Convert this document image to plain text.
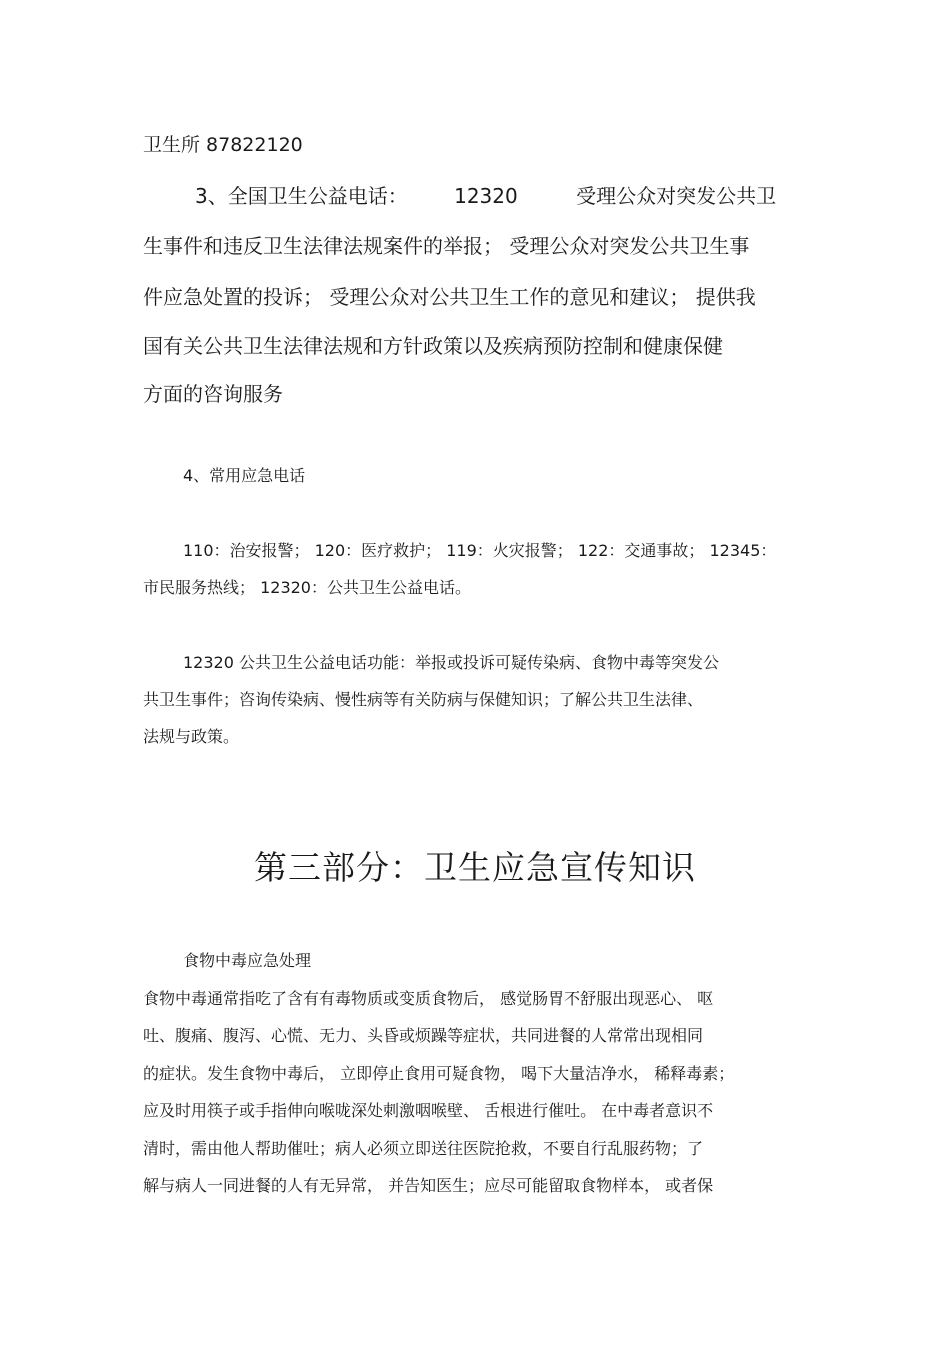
卫生所 87822120

3、全国卫生公益电话： 12320	受理公众对突发公共卫

生事件和违反卫生法律法规案件的举报； 受理公众对突发公共卫生事

件应急处置的投诉； 受理公众对公共卫生工作的意见和建议； 提供我

国有关公共卫生法律法规和方针政策以及疾病预防控制和健康保健

方面的咨询服务

4、常用应急电话

110：治安报警； 120：医疗救护； 119：火灾报警； 122：交通事故； 12345：

市民服务热线； 12320：公共卫生公益电话。

12320 公共卫生公益电话功能：举报或投诉可疑传染病、食物中毒等突发公

共卫生事件；咨询传染病、慢性病等有关防病与保健知识；了解公共卫生法律、

法规与政策。

第三部分：卫生应急宣传知识

食物中毒应急处理

食物中毒通常指吃了含有有毒物质或变质食物后， 感觉肠胃不舒服出现恶心、 呕

吐、腹痛、腹泻、心慌、无力、头昏或烦躁等症状，共同进餐的人常常出现相同

的症状。发生食物中毒后， 立即停止食用可疑食物， 喝下大量洁净水， 稀释毒素；

应及时用筷子或手指伸向喉咙深处刺激咽喉壁、 舌根进行催吐。 在中毒者意识不

清时，需由他人帮助催吐；病人必须立即送往医院抢救，不要自行乱服药物；了

解与病人一同进餐的人有无异常， 并告知医生；应尽可能留取食物样本， 或者保
